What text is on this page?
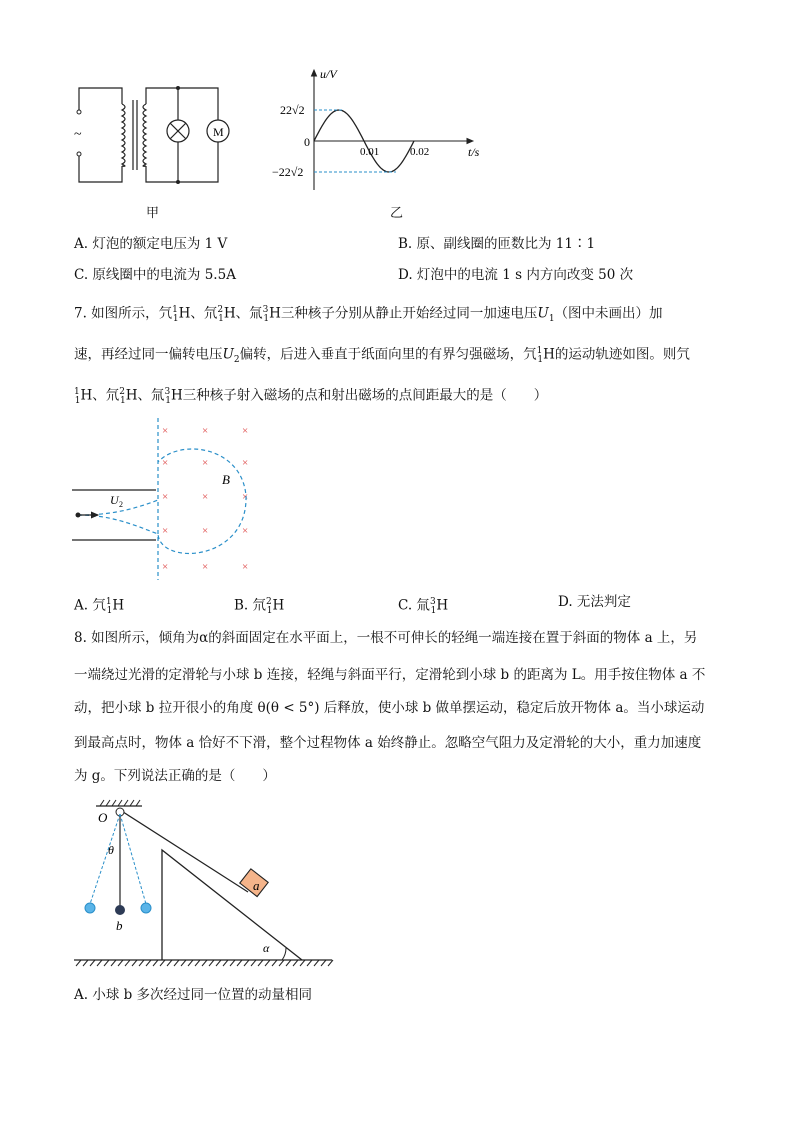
~	M
甲
u/V
t/s
0
22√2
−22√2
0.01	0.02
乙
A. 灯泡的额定电压为 1 V	B. 原、副线圈的匝数比为 11∶1
C. 原线圈中的电流为 5.5A	D. 灯泡中的电流 1 s 内方向改变 50 次
7. 如图所示，氕$^1_1$H、氘$^2_1$H、氚$^3_1$H三种核子分别从静止开始经过同一加速电压$U_1$（图中未画出）加
速，再经过同一偏转电压$U_2$偏转，后进入垂直于纸面向里的有界匀强磁场，氕$^1_1$H的运动轨迹如图。则氕
$^1_1$H、氘$^2_1$H、氚$^3_1$H三种核子射入磁场的点和射出磁场的点间距最大的是（　　）
×	×	×
×	×	×
×	×	×
×	×	×
×	×	×
B
U 2
A. 氕$^1_1$H	B. 氘$^2_1$H	C. 氚$^3_1$H	D. 无法判定
8. 如图所示，倾角为α的斜面固定在水平面上，一根不可伸长的轻绳一端连接在置于斜面的物体 a 上，另
一端绕过光滑的定滑轮与小球 b 连接，轻绳与斜面平行，定滑轮到小球 b 的距离为 L。用手按住物体 a 不
动，把小球 b 拉开很小的角度 θ(θ < 5°) 后释放，使小球 b 做单摆运动，稳定后放开物体 a。当小球运动
到最高点时，物体 a 恰好不下滑，整个过程物体 a 始终静止。忽略空气阻力及定滑轮的大小，重力加速度
为 g。下列说法正确的是（　　）
O
θ
a
b
α
A. 小球 b 多次经过同一位置的动量相同
